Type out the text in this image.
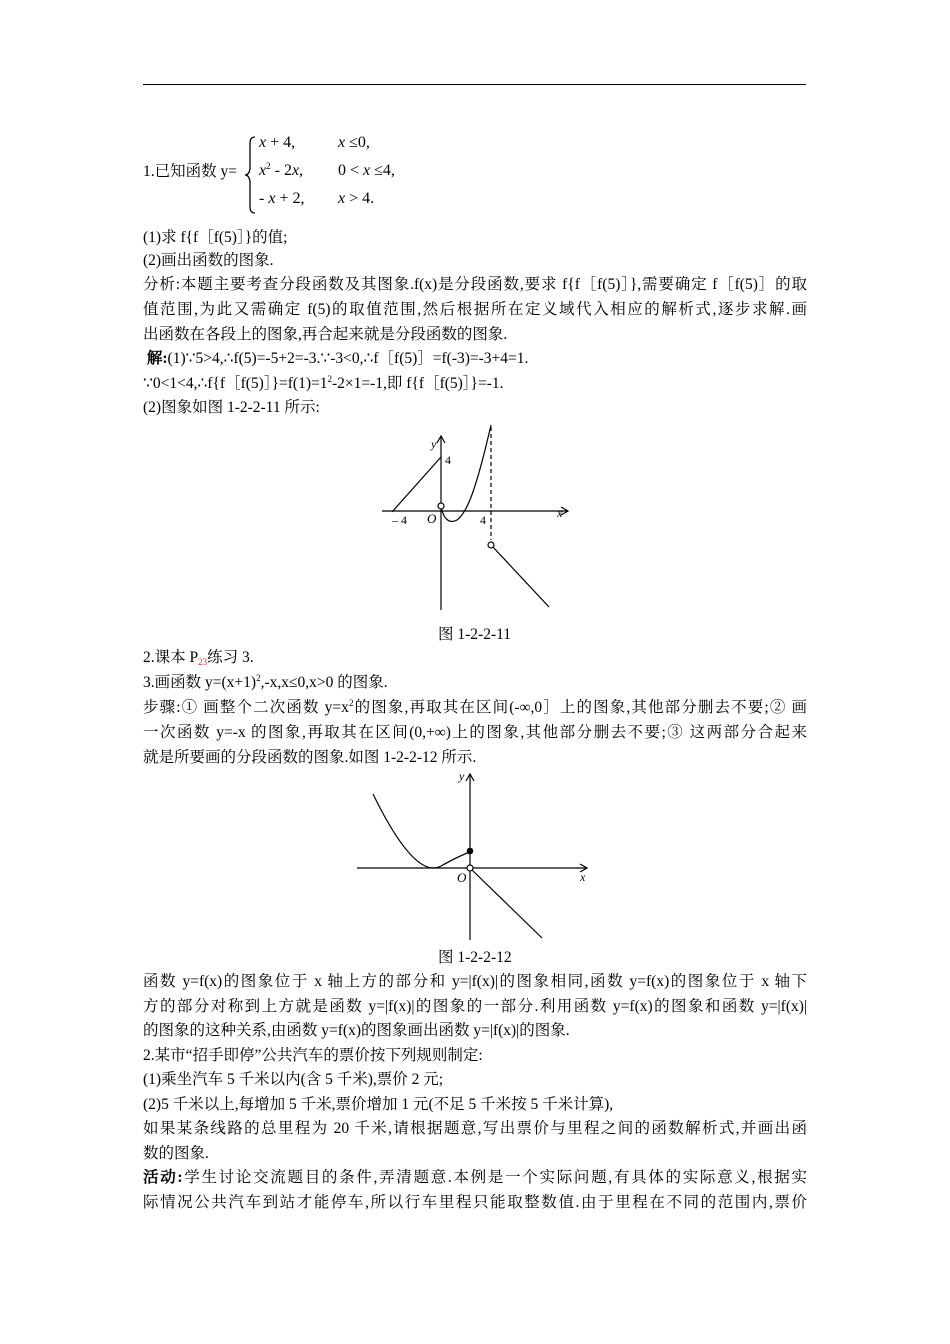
1.已知函数 y=
x + 4,	x ≤0,
$x^2 - 2x$, 0 < x ≤4,
- x + 2, x > 4.
(1)求 f{f［f(5)］}的值;
(2)画出函数的图象.
分析:本题主要考查分段函数及其图象.f(x)是分段函数,要求 f{f［f(5)］},需要确定 f［f(5)］的取
值范围,为此又需确定 f(5)的取值范围,然后根据所在定义域代入相应的解析式,逐步求解.画
出函数在各段上的图象,再合起来就是分段函数的图象.
解:(1)∵5>4,∴f(5)=-5+2=-3.∵-3<0,∴f［f(5)］=f(-3)=-3+4=1.
$\because 0<1<4,\therefore f\{f[f(5)]\}=f(1)=1^2-2\times 1=-1$,即 f{f［f(5)］}=-1.
(2)图象如图 1-2-2-11 所示:
y
4
x
– 4 O	4
图 1-2-2-11
2.课本 P23练习 3.
3.画函数 $y=(x+1)^2,-x,x\le 0,x>0$ 的图象.
步骤:① 画整个二次函数 $y=x^2$的图象,再取其在区间(-∞,0］上的图象,其他部分删去不要;② 画
一次函数 y=-x 的图象,再取其在区间(0,+∞)上的图象,其他部分删去不要;③ 这两部分合起来
就是所要画的分段函数的图象.如图 1-2-2-12 所示.
y
x
O
图 1-2-2-12
函数 y=f(x)的图象位于 x 轴上方的部分和 y=|f(x)|的图象相同,函数 y=f(x)的图象位于 x 轴下
方的部分对称到上方就是函数 y=|f(x)|的图象的一部分.利用函数 y=f(x)的图象和函数 y=|f(x)|
的图象的这种关系,由函数 y=f(x)的图象画出函数 y=|f(x)|的图象.
2.某市“招手即停”公共汽车的票价按下列规则制定:
(1)乘坐汽车 5 千米以内(含 5 千米),票价 2 元;
(2)5 千米以上,每增加 5 千米,票价增加 1 元(不足 5 千米按 5 千米计算),
如果某条线路的总里程为 20 千米,请根据题意,写出票价与里程之间的函数解析式,并画出函
数的图象.
活动:学生讨论交流题目的条件,弄清题意.本例是一个实际问题,有具体的实际意义,根据实
际情况公共汽车到站才能停车,所以行车里程只能取整数值.由于里程在不同的范围内,票价
